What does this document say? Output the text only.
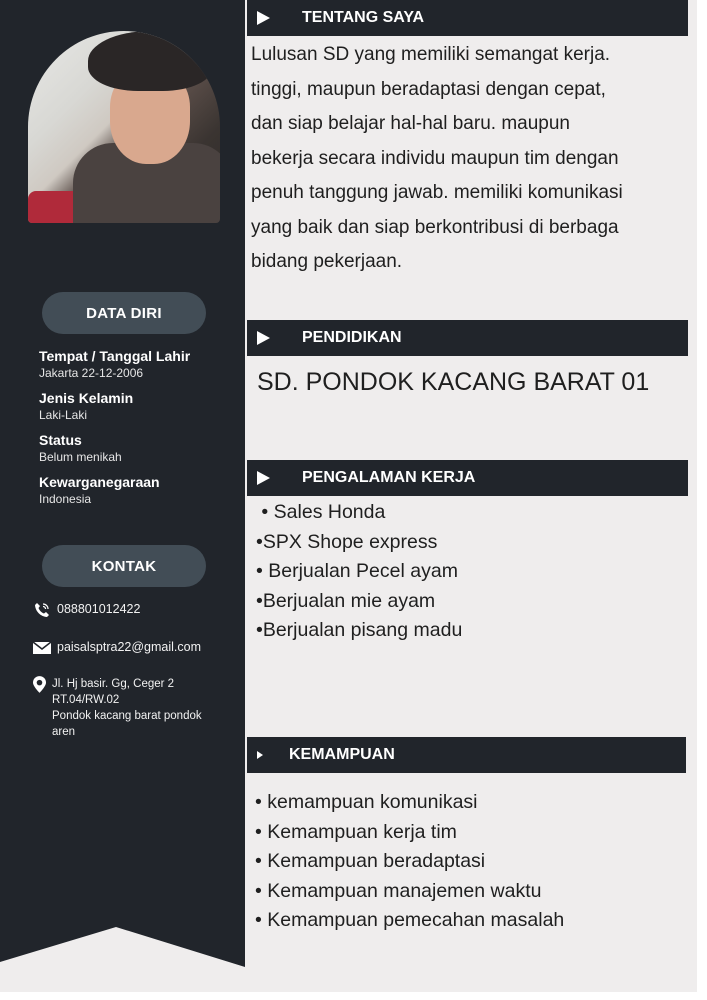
DATA DIRI
Tempat / Tanggal Lahir
Jakarta 22-12-2006
Jenis Kelamin
Laki-Laki
Status
Belum menikah
Kewarganegaraan
Indonesia
KONTAK
088801012422
paisalsptra22@gmail.com
Jl. Hj basir. Gg, Ceger 2
RT.04/RW.02
Pondok kacang barat pondok
aren
TENTANG SAYA
Lulusan SD yang memiliki semangat kerja.
tinggi, maupun beradaptasi dengan cepat,
dan siap belajar hal-hal baru. maupun
bekerja secara individu maupun tim dengan
penuh tanggung jawab. memiliki komunikasi
yang baik dan siap berkontribusi di berbaga
bidang pekerjaan.
PENDIDIKAN
SD. PONDOK KACANG BARAT 01
PENGALAMAN KERJA
• Sales Honda
•SPX Shope express
• Berjualan Pecel ayam
•Berjualan mie ayam
•Berjualan pisang madu
KEMAMPUAN
• kemampuan komunikasi
• Kemampuan kerja tim
• Kemampuan beradaptasi
• Kemampuan manajemen waktu
• Kemampuan pemecahan masalah
